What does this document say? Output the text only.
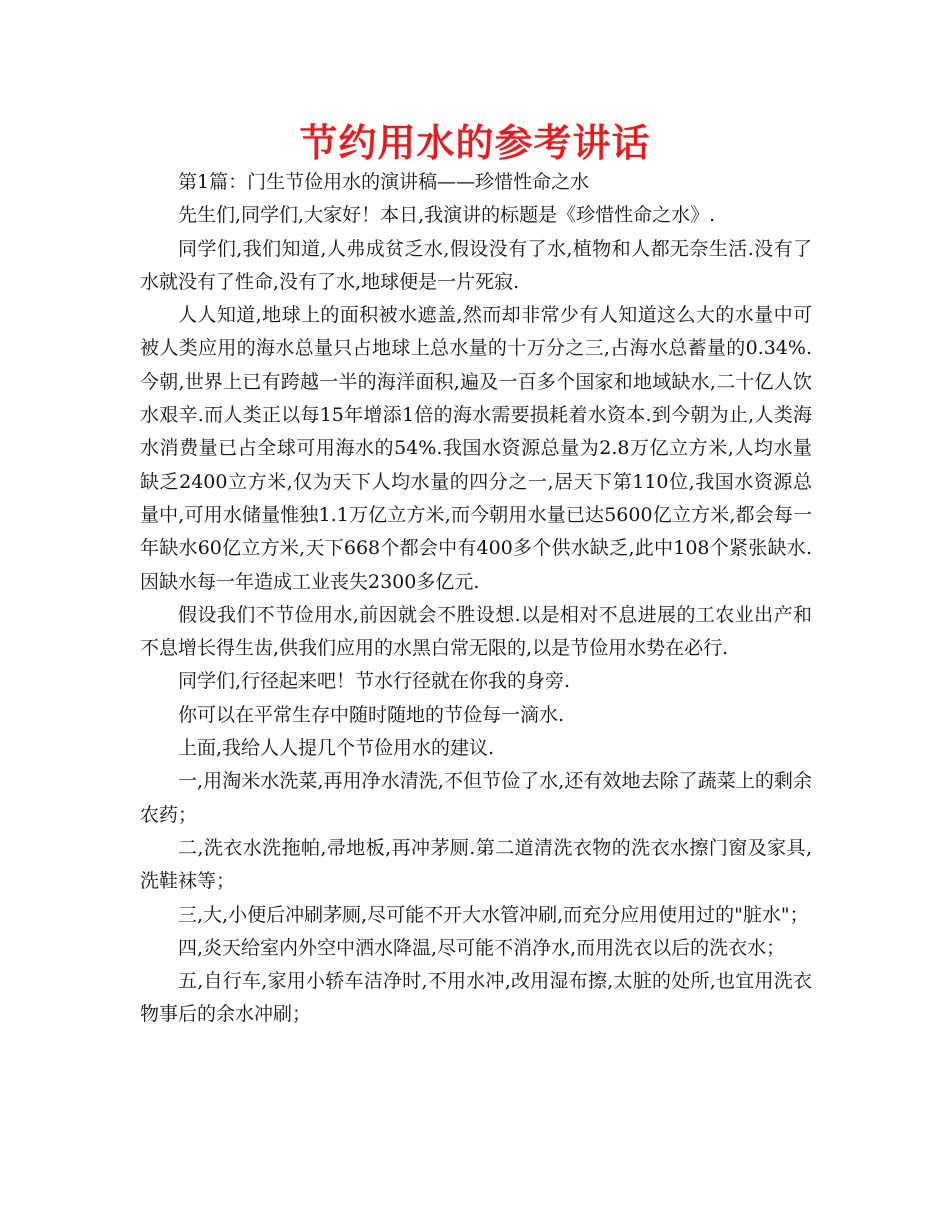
节约用水的参考讲话

第1篇：门生节俭用水的演讲稿——珍惜性命之水

先生们,同学们,大家好！本日,我演讲的标题是《珍惜性命之水》.

同学们,我们知道,人弗成贫乏水,假设没有了水,植物和人都无奈生活.没有了水就没有了性命,没有了水,地球便是一片死寂.

人人知道,地球上的面积被水遮盖,然而却非常少有人知道这么大的水量中可被人类应用的海水总量只占地球上总水量的十万分之三,占海水总蓄量的0.34%.今朝,世界上已有跨越一半的海洋面积,遍及一百多个国家和地域缺水,二十亿人饮水艰辛.而人类正以每15年增添1倍的海水需要损耗着水资本.到今朝为止,人类海水消费量已占全球可用海水的54%.我国水资源总量为2.8万亿立方米,人均水量缺乏2400立方米,仅为天下人均水量的四分之一,居天下第110位,我国水资源总量中,可用水储量惟独1.1万亿立方米,而今朝用水量已达5600亿立方米,都会每一年缺水60亿立方米,天下668个都会中有400多个供水缺乏,此中108个紧张缺水.因缺水每一年造成工业丧失2300多亿元.

假设我们不节俭用水,前因就会不胜设想.以是相对不息进展的工农业出产和不息增长得生齿,供我们应用的水黑白常无限的,以是节俭用水势在必行.

同学们,行径起来吧！节水行径就在你我的身旁.

你可以在平常生存中随时随地的节俭每一滴水.

上面,我给人人提几个节俭用水的建议.

一,用淘米水洗菜,再用净水清洗,不但节俭了水,还有效地去除了蔬菜上的剩余农药；

二,洗衣水洗拖帕,帚地板,再冲茅厕.第二道清洗衣物的洗衣水擦门窗及家具,洗鞋袜等；

三,大,小便后冲刷茅厕,尽可能不开大水管冲刷,而充分应用使用过的"脏水"；

四,炎天给室内外空中洒水降温,尽可能不消净水,而用洗衣以后的洗衣水；

五,自行车,家用小轿车洁净时,不用水冲,改用湿布擦,太脏的处所,也宜用洗衣物事后的余水冲刷；
